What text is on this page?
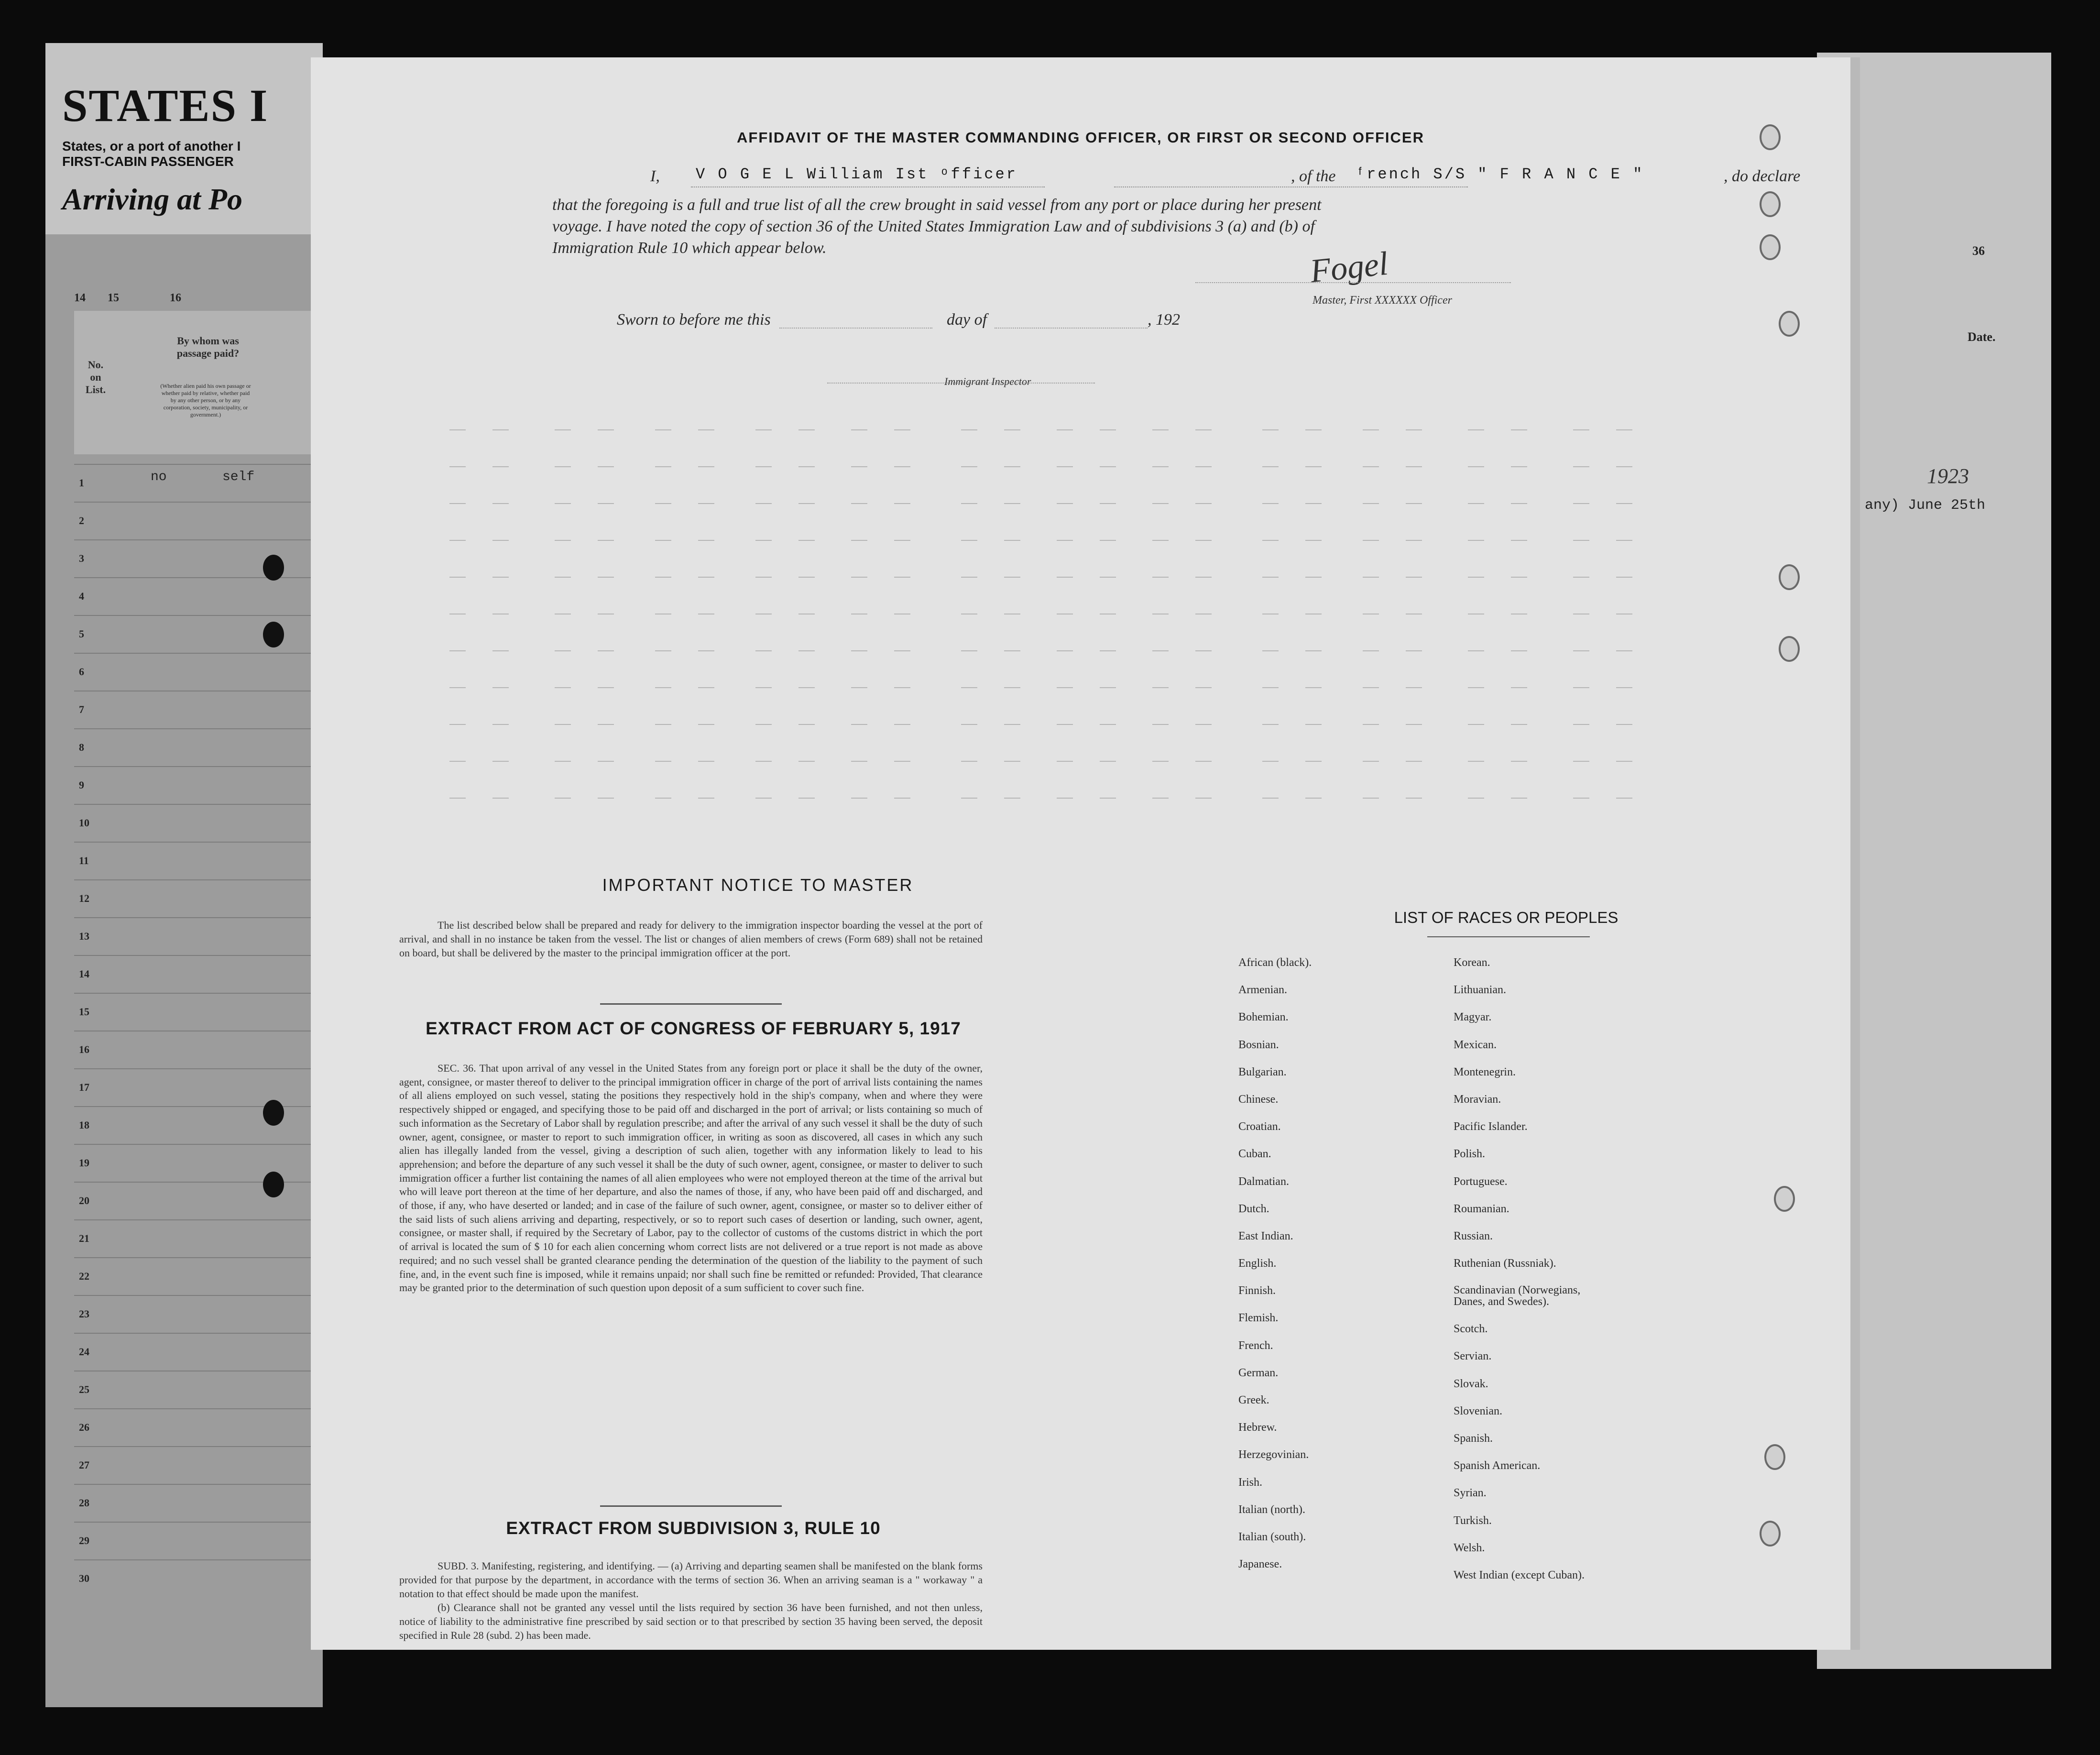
STATES I
States, or a port of another I
FIRST-CABIN PASSENGER
Arriving at Po
14 15	16
No. on List.
By whom was passage paid?
(Whether alien paid his own passage or whether paid by relative, whether paid by any other person, or by any corporation, society, municipality, or government.)
1	no	self
2
3
4
5
6
7
8
9
10
11
12
13
14
15
16
17
18
19
20
21
22
23
24
25
26
27
28
29
30
36
Date.
1923
any) June 25th
AFFIDAVIT OF THE MASTER COMMANDING OFFICER, OR FIRST OR SECOND OFFICER
I, V O G E L William Ist ᵒfficer	, of the ᶠrench S/S " F R A N C E "	, do declare
that the foregoing is a full and true list of all the crew brought in said vessel from any port or place during her present
voyage. I have noted the copy of section 36 of the United States Immigration Law and of subdivisions 3 (a) and (b) of
Immigration Rule 10 which appear below.	Fogel
Master, First XXXXXX Officer
Sworn to before me this	day of	, 192
Immigrant Inspector
IMPORTANT NOTICE TO MASTER
The list described below shall be prepared and ready for delivery to the immigration inspector boarding the vessel at the port of arrival, and shall in no instance be taken from the vessel. The list or changes of alien members of crews (Form 689) shall not be retained on board, but shall be delivered by the master to the principal immigration officer at the port.
EXTRACT FROM ACT OF CONGRESS OF FEBRUARY 5, 1917
SEC. 36. That upon arrival of any vessel in the United States from any foreign port or place it shall be the duty of the owner, agent, consignee, or master thereof to deliver to the principal immigration officer in charge of the port of arrival lists containing the names of all aliens employed on such vessel, stating the positions they respectively hold in the ship's company, when and where they were respectively shipped or engaged, and specifying those to be paid off and discharged in the port of arrival; or lists containing so much of such information as the Secretary of Labor shall by regulation prescribe; and after the arrival of any such vessel it shall be the duty of such owner, agent, consignee, or master to report to such immigration officer, in writing as soon as discovered, all cases in which any such alien has illegally landed from the vessel, giving a description of such alien, together with any information likely to lead to his apprehension; and before the departure of any such vessel it shall be the duty of such owner, agent, consignee, or master to deliver to such immigration officer a further list containing the names of all alien employees who were not employed thereon at the time of the arrival but who will leave port thereon at the time of her departure, and also the names of those, if any, who have been paid off and discharged, and of those, if any, who have deserted or landed; and in case of the failure of such owner, agent, consignee, or master so to deliver either of the said lists of such aliens arriving and departing, respectively, or so to report such cases of desertion or landing, such owner, agent, consignee, or master shall, if required by the Secretary of Labor, pay to the collector of customs of the customs district in which the port of arrival is located the sum of $ 10 for each alien concerning whom correct lists are not delivered or a true report is not made as above required; and no such vessel shall be granted clearance pending the determination of the question of the liability to the payment of such fine, and, in the event such fine is imposed, while it remains unpaid; nor shall such fine be remitted or refunded: Provided, That clearance may be granted prior to the determination of such question upon deposit of a sum sufficient to cover such fine.
EXTRACT FROM SUBDIVISION 3, RULE 10

SUBD. 3. Manifesting, registering, and identifying. — (a) Arriving and departing seamen shall be manifested on the blank forms provided for that purpose by the department, in accordance with the terms of section 36. When an arriving seaman is a " workaway " a notation to that effect should be made upon the manifest.

(b) Clearance shall not be granted any vessel until the lists required by section 36 have been furnished, and not then unless, notice of liability to the administrative fine prescribed by said section or to that prescribed by section 35 having been served, the deposit specified in Rule 28 (subd. 2) has been made.

LIST OF RACES OR PEOPLES
African (black).
Armenian.
Bohemian.
Bosnian.
Bulgarian.
Chinese.
Croatian.
Cuban.
Dalmatian.
Dutch.
East Indian.
English.
Finnish.
Flemish.
French.
German.
Greek.
Hebrew.
Herzegovinian.
Irish.
Italian (north).
Italian (south).
Japanese.
Korean.
Lithuanian.
Magyar.
Mexican.
Montenegrin.
Moravian.
Pacific Islander.
Polish.
Portuguese.
Roumanian.
Russian.
Ruthenian (Russniak).
Scandinavian (Norwegians, Danes, and Swedes).
Scotch.
Servian.
Slovak.
Slovenian.
Spanish.
Spanish American.
Syrian.
Turkish.
Welsh.
West Indian (except Cuban).
